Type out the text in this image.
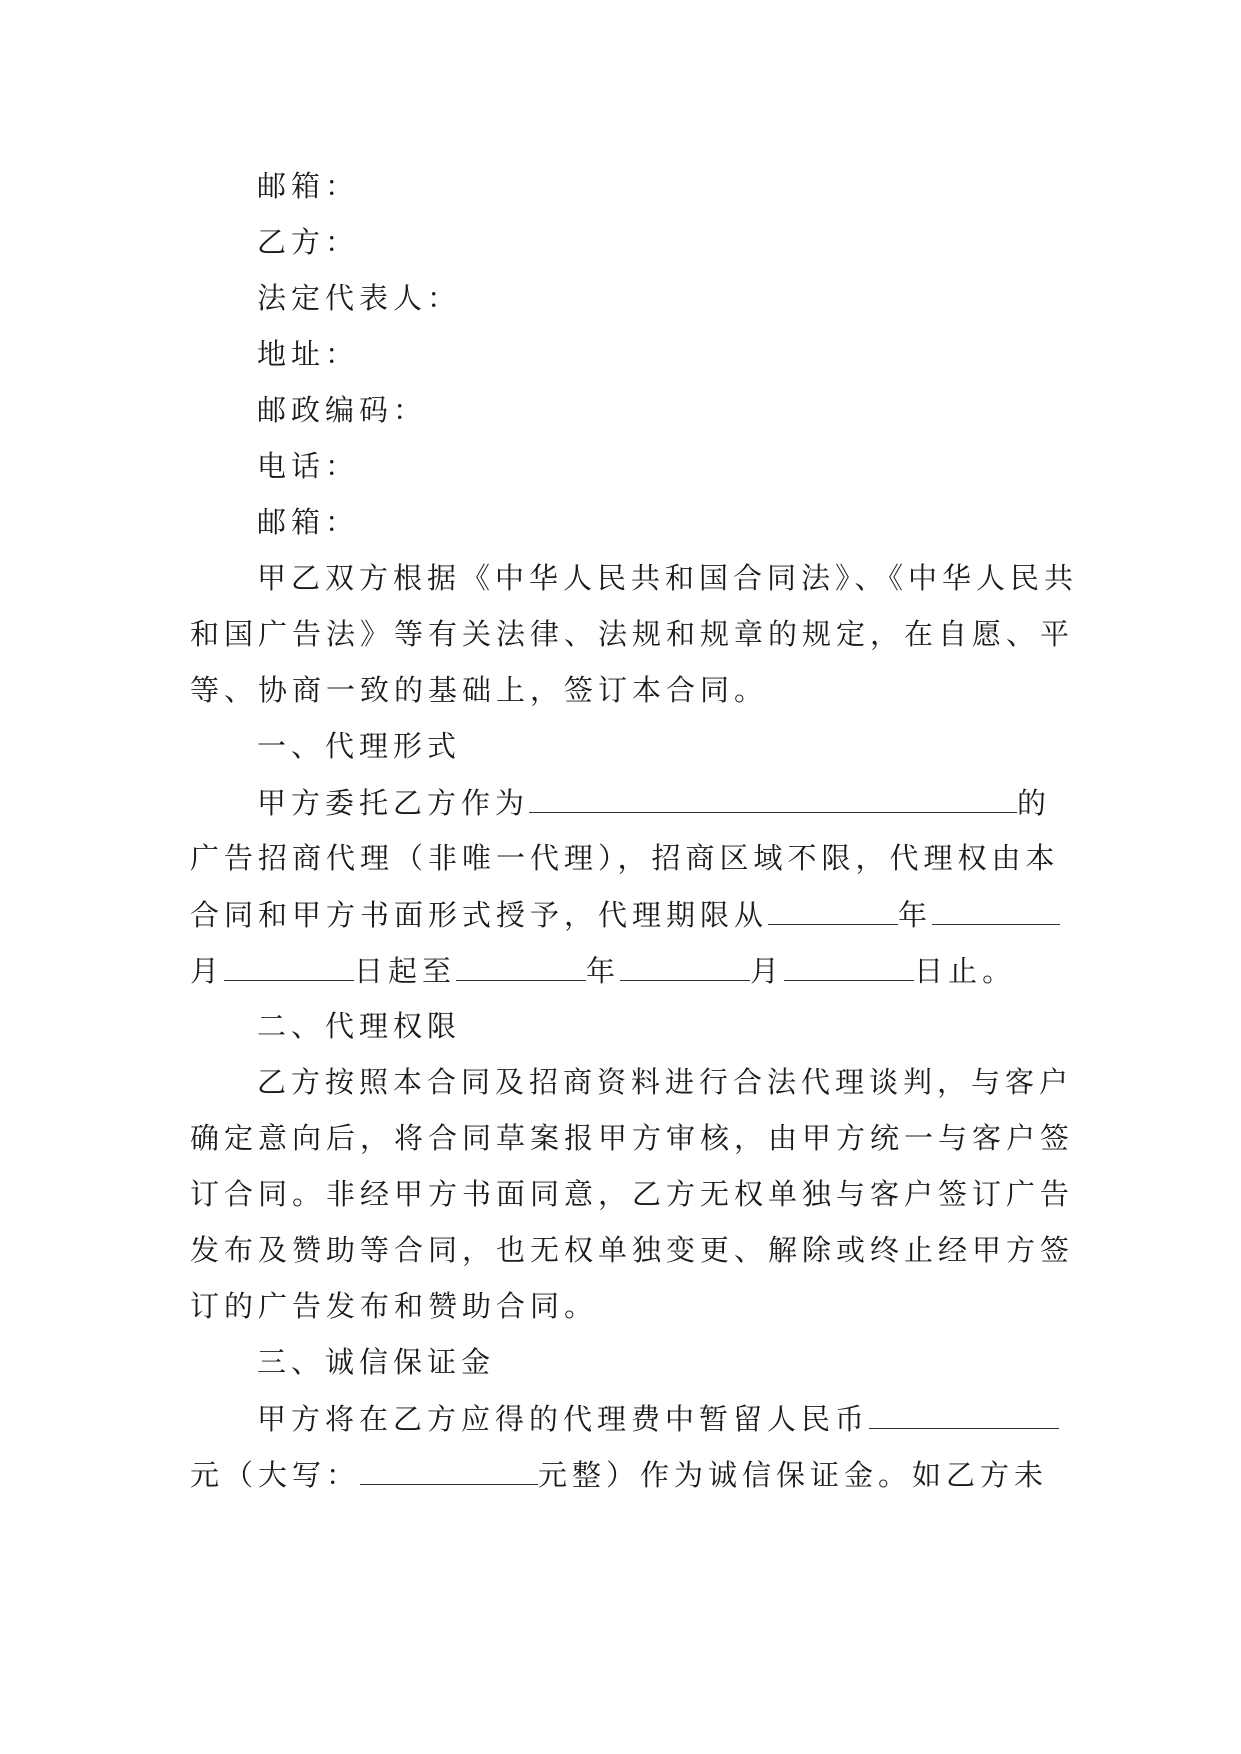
邮箱：
乙方：
法定代表人：
地址：
邮政编码：
电话：
邮箱：
甲乙双方根据《中华人民共和国合同法》、《中华人民共
和国广告法》等有关法律、法规和规章的规定，在自愿、平
等、协商一致的基础上，签订本合同。
一、代理形式
甲方委托乙方作为	的
广告招商代理（非唯一代理），招商区域不限，代理权由本
合同和甲方书面形式授予，代理期限从	年
月	日起至	年	月	日止。
二、代理权限
乙方按照本合同及招商资料进行合法代理谈判，与客户
确定意向后，将合同草案报甲方审核，由甲方统一与客户签
订合同。非经甲方书面同意，乙方无权单独与客户签订广告
发布及赞助等合同，也无权单独变更、解除或终止经甲方签
订的广告发布和赞助合同。
三、诚信保证金
甲方将在乙方应得的代理费中暂留人民币
元（大写：	元整）作为诚信保证金。如乙方未
